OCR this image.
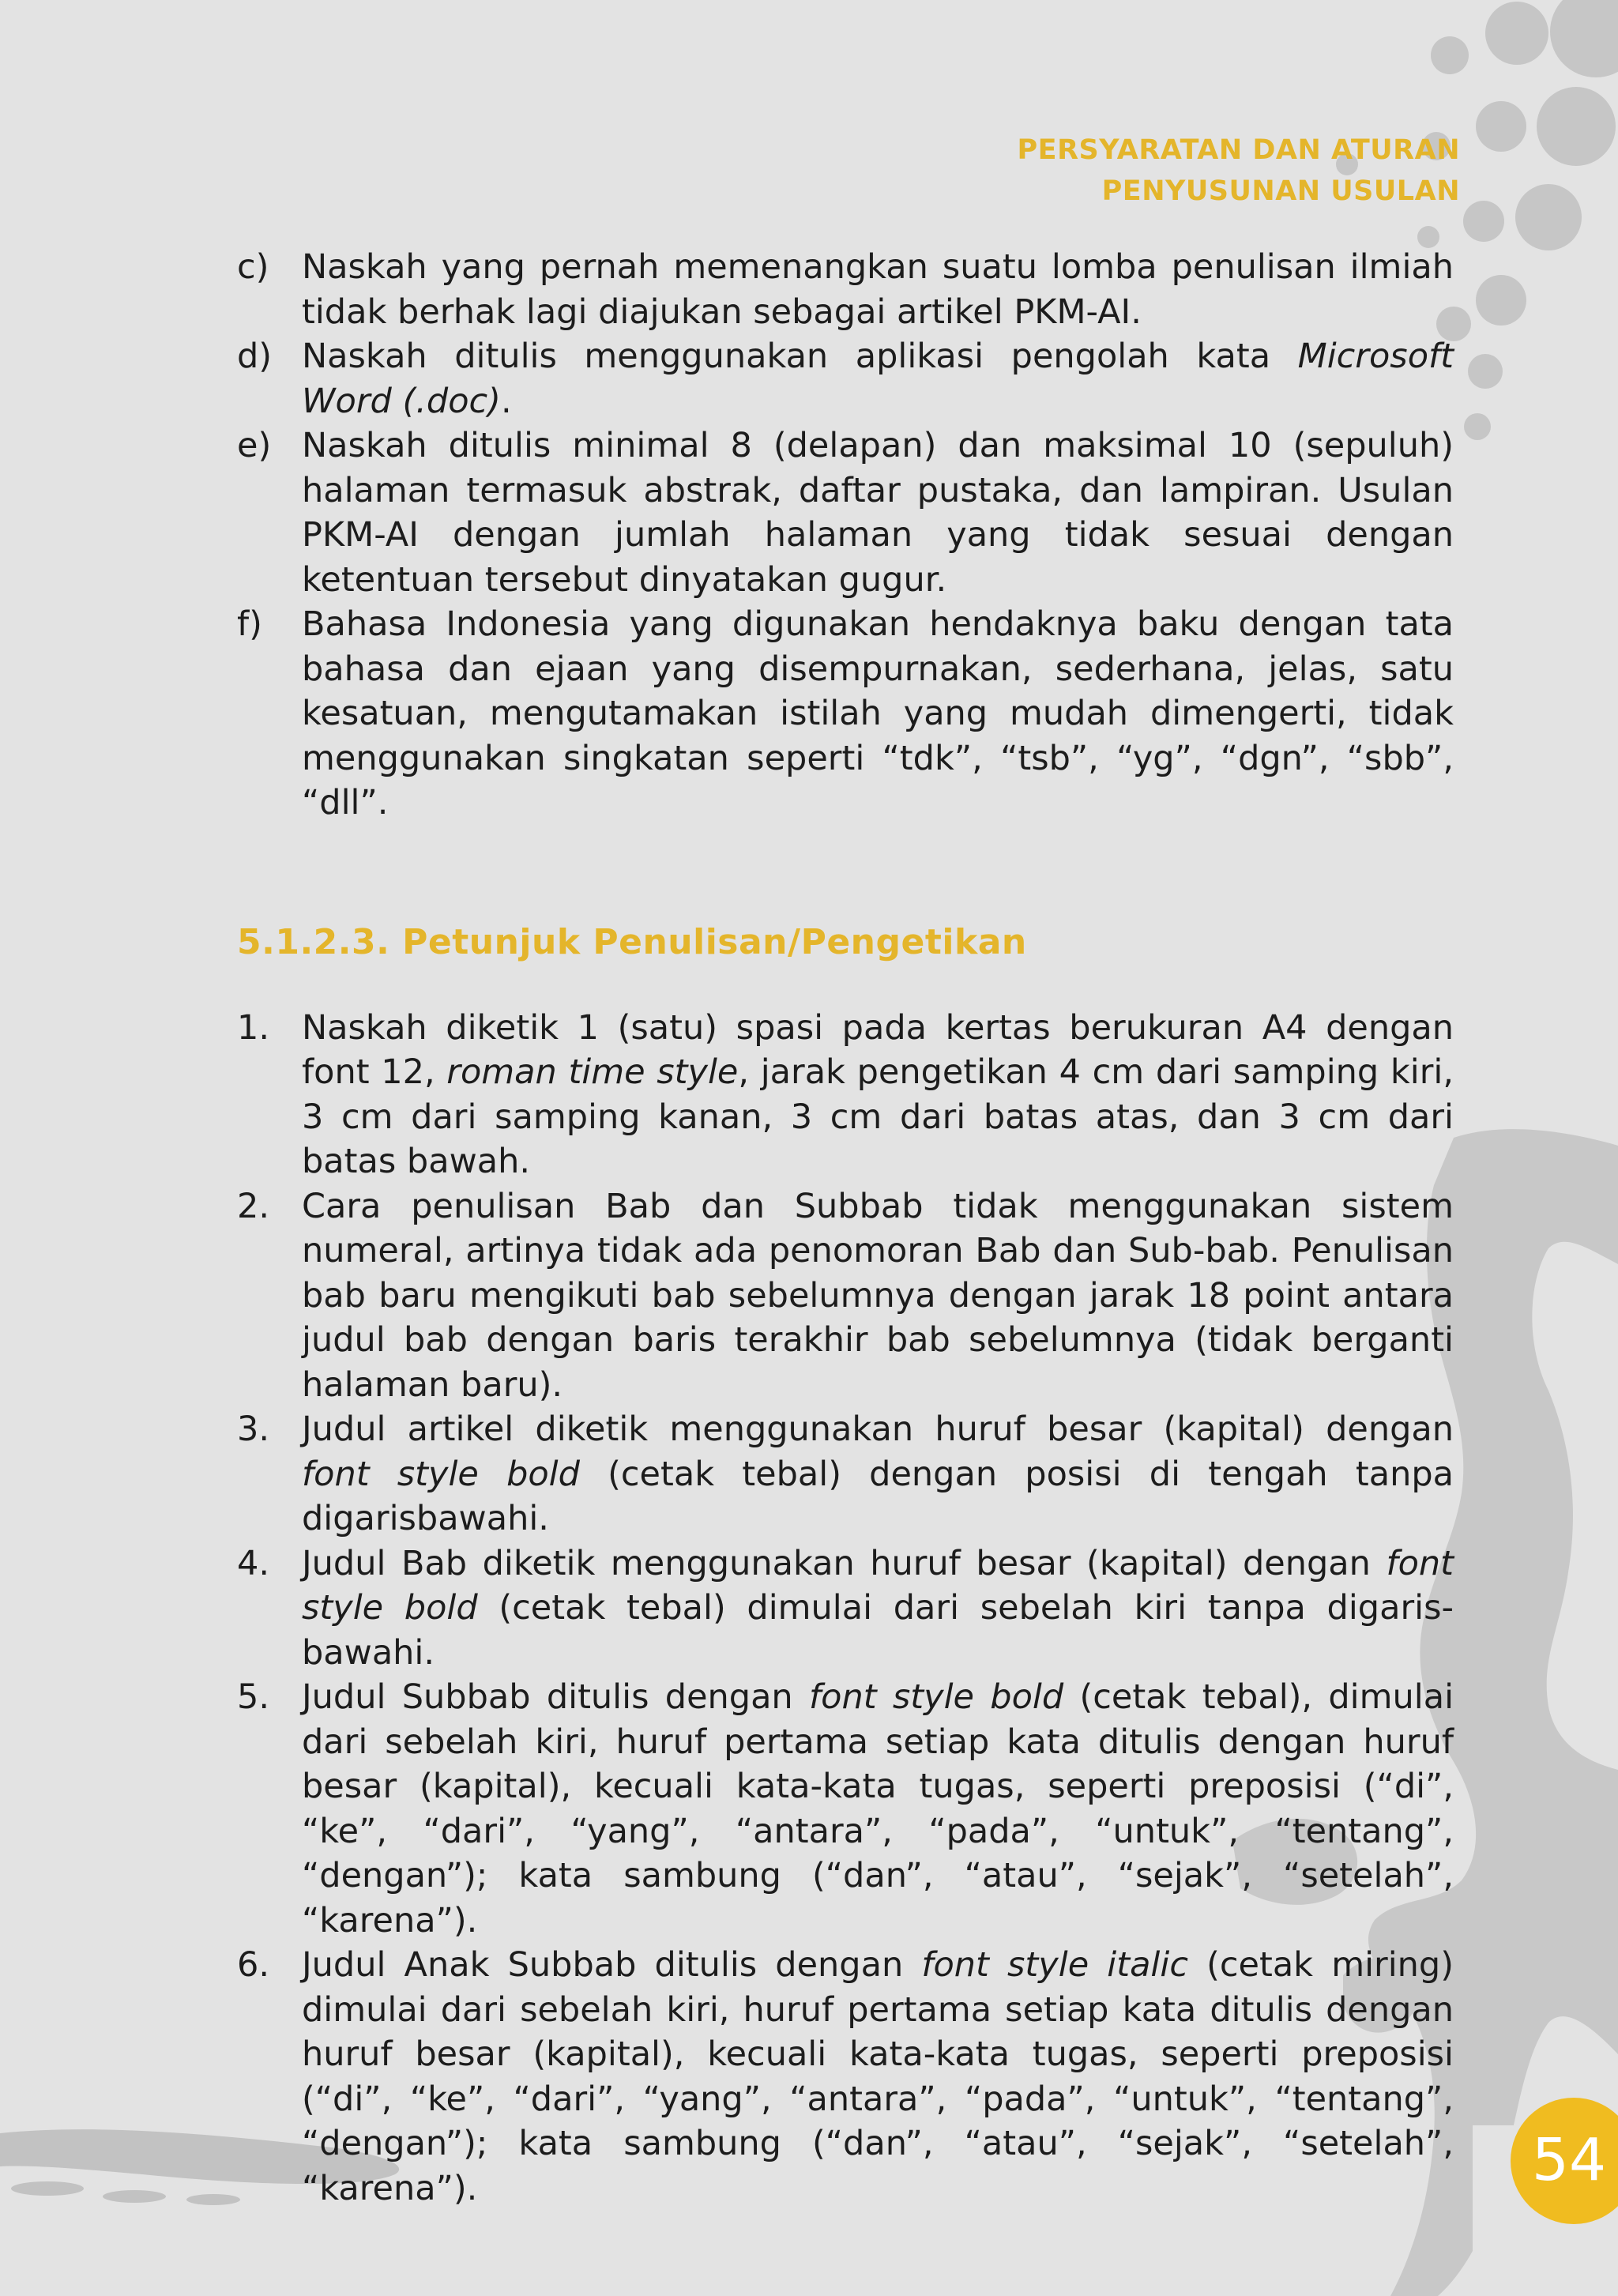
PERSYARATAN DAN ATURAN
PENYUSUNAN USULAN
c) Naskah yang pernah memenangkan suatu lomba penulisan ilmiah tidak berhak lagi diajukan sebagai artikel PKM-AI.
d) Naskah ditulis menggunakan aplikasi pengolah kata Microsoft Word (.doc).
e) Naskah ditulis minimal 8 (delapan) dan maksimal 10 (sepuluh) halaman termasuk abstrak, daftar pustaka, dan lampiran. Usulan PKM-AI dengan jumlah halaman yang tidak sesuai dengan ketentuan tersebut dinyatakan gugur.
f) Bahasa Indonesia yang digunakan hendaknya baku dengan tata bahasa dan ejaan yang disempurnakan, sederhana, jelas, satu kesatuan, mengutamakan istilah yang mudah dimengerti, tidak menggunakan singkatan seperti “tdk”, “tsb”, “yg”, “dgn”, “sbb”, “dll”.
5.1.2.3. Petunjuk Penulisan/Pengetikan
1. Naskah diketik 1 (satu) spasi pada kertas berukuran A4 dengan font 12, roman time style, jarak pengetikan 4 cm dari samping kiri, 3 cm dari samping kanan, 3 cm dari batas atas, dan 3 cm dari batas bawah.
2. Cara penulisan Bab dan Subbab tidak menggunakan sistem numeral, artinya tidak ada penomoran Bab dan Sub-bab. Penulisan bab baru mengikuti bab sebelumnya dengan jarak 18 point antara judul bab dengan baris terakhir bab sebelumnya (tidak berganti halaman baru).
3. Judul artikel diketik menggunakan huruf besar (kapital) dengan font style bold (cetak tebal) dengan posisi di tengah tanpa digarisbawahi.
4. Judul Bab diketik menggunakan huruf besar (kapital) dengan font style bold (cetak tebal) dimulai dari sebelah kiri tanpa digaris-bawahi.
5. Judul Subbab ditulis dengan font style bold (cetak tebal), dimulai dari sebelah kiri, huruf pertama setiap kata ditulis dengan huruf besar (kapital), kecuali kata-kata tugas, seperti preposisi (“di”, “ke”, “dari”, “yang”, “antara”, “pada”, “untuk”, “tentang”, “dengan”); kata sambung (“dan”, “atau”, “sejak”, “setelah”, “karena”).
6. Judul Anak Subbab ditulis dengan font style italic (cetak miring) dimulai dari sebelah kiri, huruf pertama setiap kata ditulis dengan huruf besar (kapital), kecuali kata-kata tugas, seperti preposisi (“di”, “ke”, “dari”, “yang”, “antara”, “pada”, “untuk”, “tentang”, “dengan”); kata sambung (“dan”, “atau”, “sejak”, “setelah”, “karena”).	54
